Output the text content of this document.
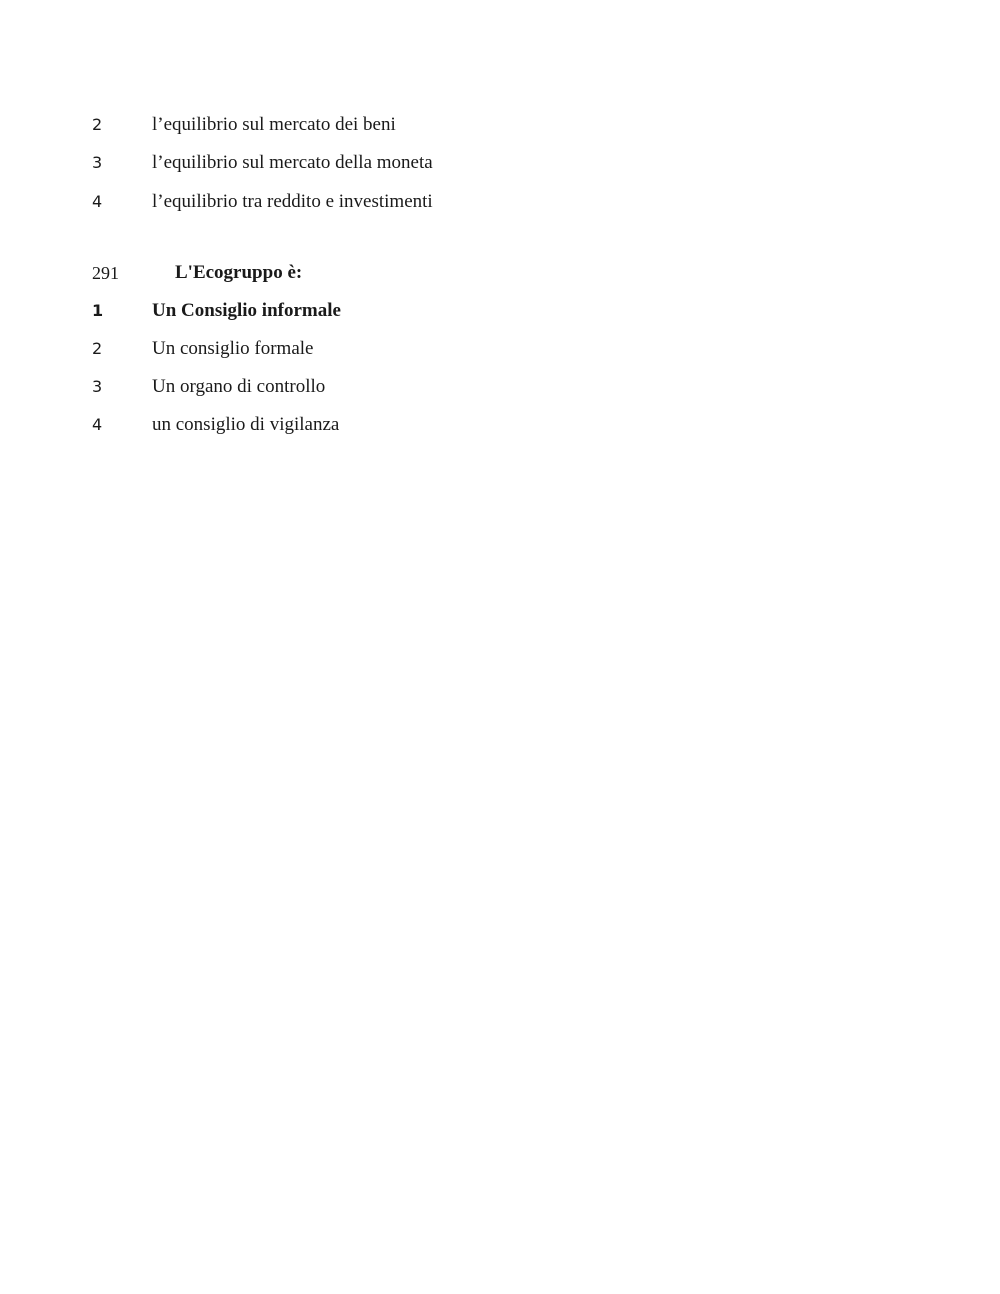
2	l’equilibrio sul mercato dei beni
3	l’equilibrio sul mercato della moneta
4	l’equilibrio tra reddito e investimenti
291	L'Ecogruppo è:
1	Un Consiglio informale
2	Un consiglio formale
3	Un organo di controllo
4	un consiglio di vigilanza
